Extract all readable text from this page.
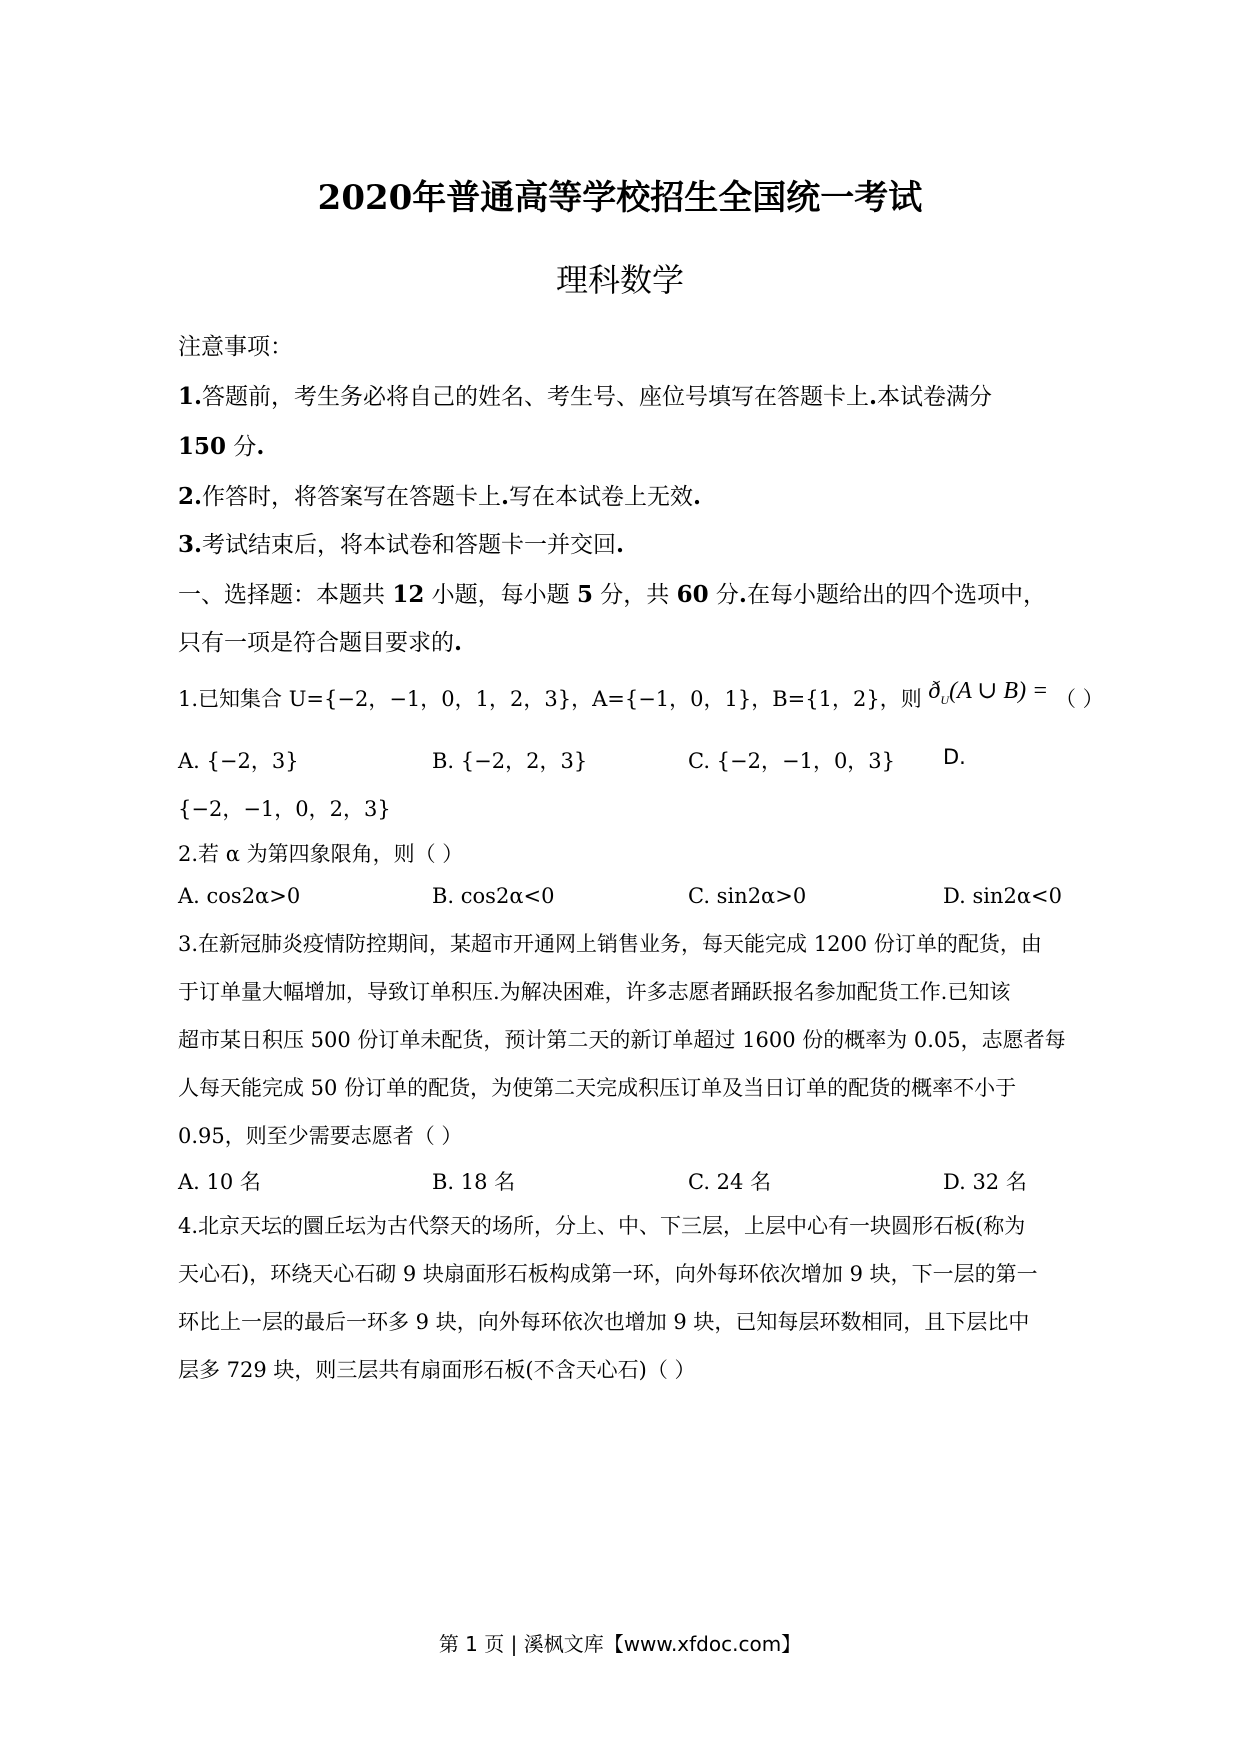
2020年普通高等学校招生全国统一考试
理科数学
注意事项：
1.答题前，考生务必将自己的姓名、考生号、座位号填写在答题卡上.本试卷满分
150 分.
2.作答时，将答案写在答题卡上.写在本试卷上无效.
3.考试结束后，将本试卷和答题卡一并交回.
一、选择题：本题共 12 小题，每小题 5 分，共 60 分.在每小题给出的四个选项中，
只有一项是符合题目要求的.
1.已知集合 U={−2，−1，0，1，2，3}，A={−1，0，1}，B={1，2}，则 $ð_U(A$ ∪ B) = （ ）
A. {−2，3}	B. {−2，2，3}	C. {−2，−1，0，3} D.
{−2，−1，0，2，3}
2.若 α 为第四象限角，则（ ）
A. cos2α>0	B. cos2α<0	C. sin2α>0	D. sin2α<0
3.在新冠肺炎疫情防控期间，某超市开通网上销售业务，每天能完成 1200 份订单的配货，由
于订单量大幅增加，导致订单积压.为解决困难，许多志愿者踊跃报名参加配货工作.已知该
超市某日积压 500 份订单未配货，预计第二天的新订单超过 1600 份的概率为 0.05，志愿者每
人每天能完成 50 份订单的配货，为使第二天完成积压订单及当日订单的配货的概率不小于
0.95，则至少需要志愿者（ ）
A. 10 名	B. 18 名	C. 24 名	D. 32 名
4.北京天坛的圜丘坛为古代祭天的场所，分上、中、下三层，上层中心有一块圆形石板(称为
天心石)，环绕天心石砌 9 块扇面形石板构成第一环，向外每环依次增加 9 块，下一层的第一
环比上一层的最后一环多 9 块，向外每环依次也增加 9 块，已知每层环数相同，且下层比中
层多 729 块，则三层共有扇面形石板(不含天心石)（ ）
第 1 页 | 溪枫文库【www.xfdoc.com】
